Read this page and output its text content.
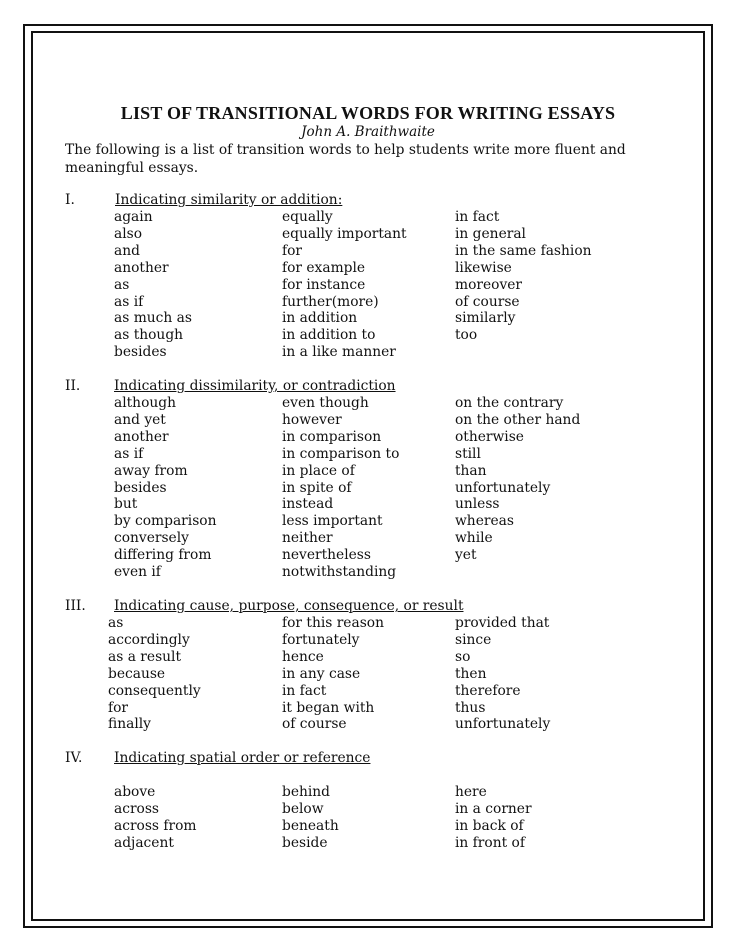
LIST OF TRANSITIONAL WORDS FOR WRITING ESSAYS
John A. Braithwaite
The following is a list of transition words to help students write more fluent and meaningful essays.
I.	Indicating similarity or addition:
again
also
and
another
as
as if
as much as
as though
besides
equally
equally important
for
for example
for instance
further(more)
in addition
in addition to
in a like manner
in fact
in general
in the same fashion
likewise
moreover
of course
similarly
too
II. Indicating dissimilarity, or contradiction
although
and yet
another
as if
away from
besides
but
by comparison
conversely
differing from
even if
even though
however
in comparison
in comparison to
in place of
in spite of
instead
less important
neither
nevertheless
notwithstanding
on the contrary
on the other hand
otherwise
still
than
unfortunately
unless
whereas
while
yet
III. Indicating cause, purpose, consequence, or result
as
accordingly
as a result
because
consequently
for
finally
for this reason
fortunately
hence
in any case
in fact
it began with
of course
provided that
since
so
then
therefore
thus
unfortunately
IV. Indicating spatial order or reference
above
across
across from
adjacent
behind
below
beneath
beside
here
in a corner
in back of
in front of
